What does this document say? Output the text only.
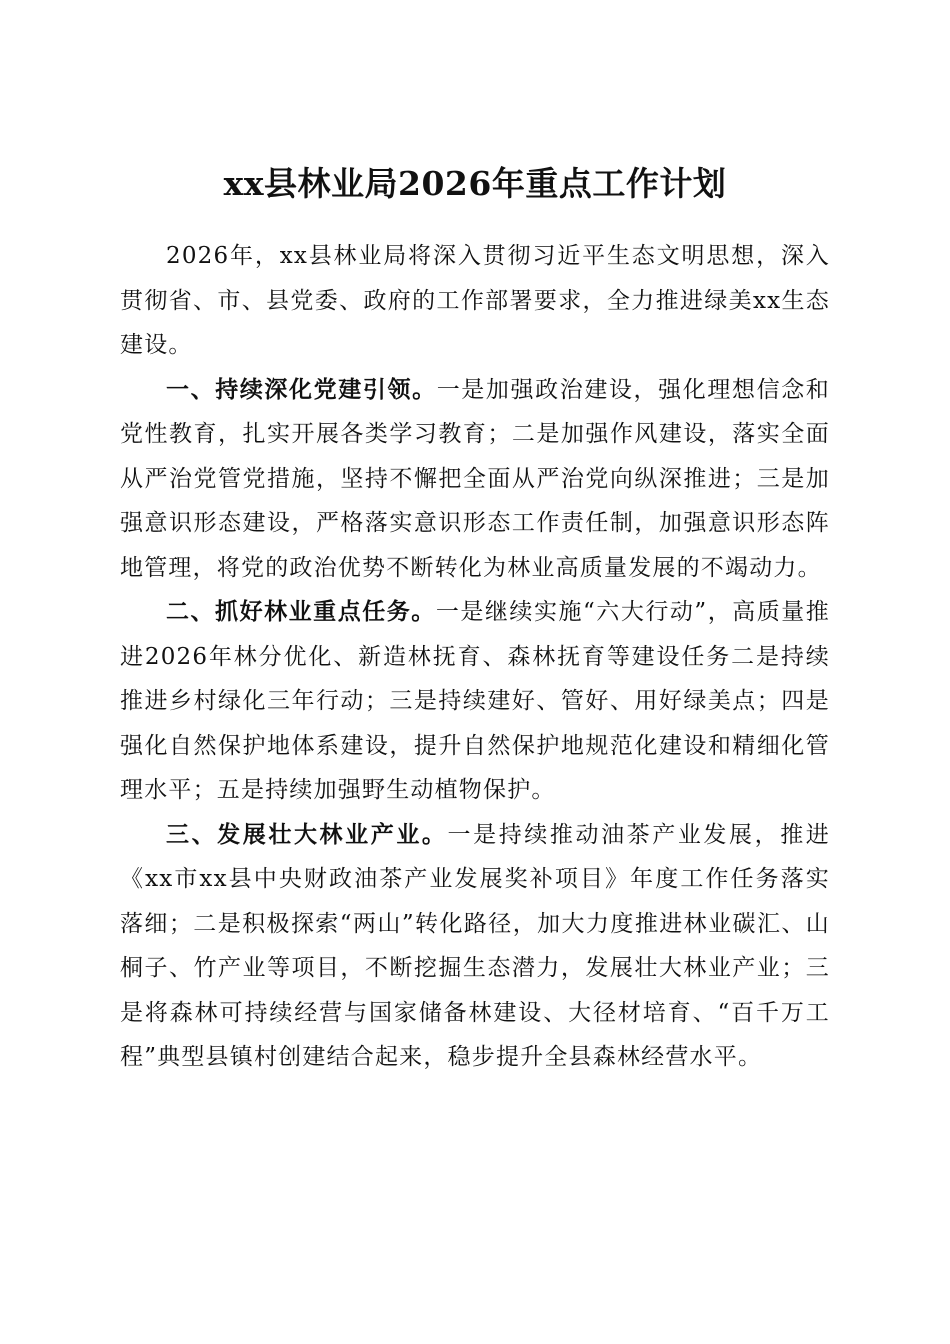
xx县林业局2026年重点工作计划

2026年，xx县林业局将深入贯彻习近平生态文明思想，深入贯彻省、市、县党委、政府的工作部署要求，全力推进绿美xx生态建设。

一、持续深化党建引领。一是加强政治建设，强化理想信念和党性教育，扎实开展各类学习教育；二是加强作风建设，落实全面从严治党管党措施，坚持不懈把全面从严治党向纵深推进；三是加强意识形态建设，严格落实意识形态工作责任制，加强意识形态阵地管理，将党的政治优势不断转化为林业高质量发展的不竭动力。

二、抓好林业重点任务。一是继续实施“六大行动”，高质量推进2026年林分优化、新造林抚育、森林抚育等建设任务二是持续推进乡村绿化三年行动；三是持续建好、管好、用好绿美点；四是强化自然保护地体系建设，提升自然保护地规范化建设和精细化管理水平；五是持续加强野生动植物保护。

三、发展壮大林业产业。一是持续推动油茶产业发展，推进《xx市xx县中央财政油茶产业发展奖补项目》年度工作任务落实落细；二是积极探索“两山”转化路径，加大力度推进林业碳汇、山桐子、竹产业等项目，不断挖掘生态潜力，发展壮大林业产业；三是将森林可持续经营与国家储备林建设、大径材培育、“百千万工程”典型县镇村创建结合起来，稳步提升全县森林经营水平。
